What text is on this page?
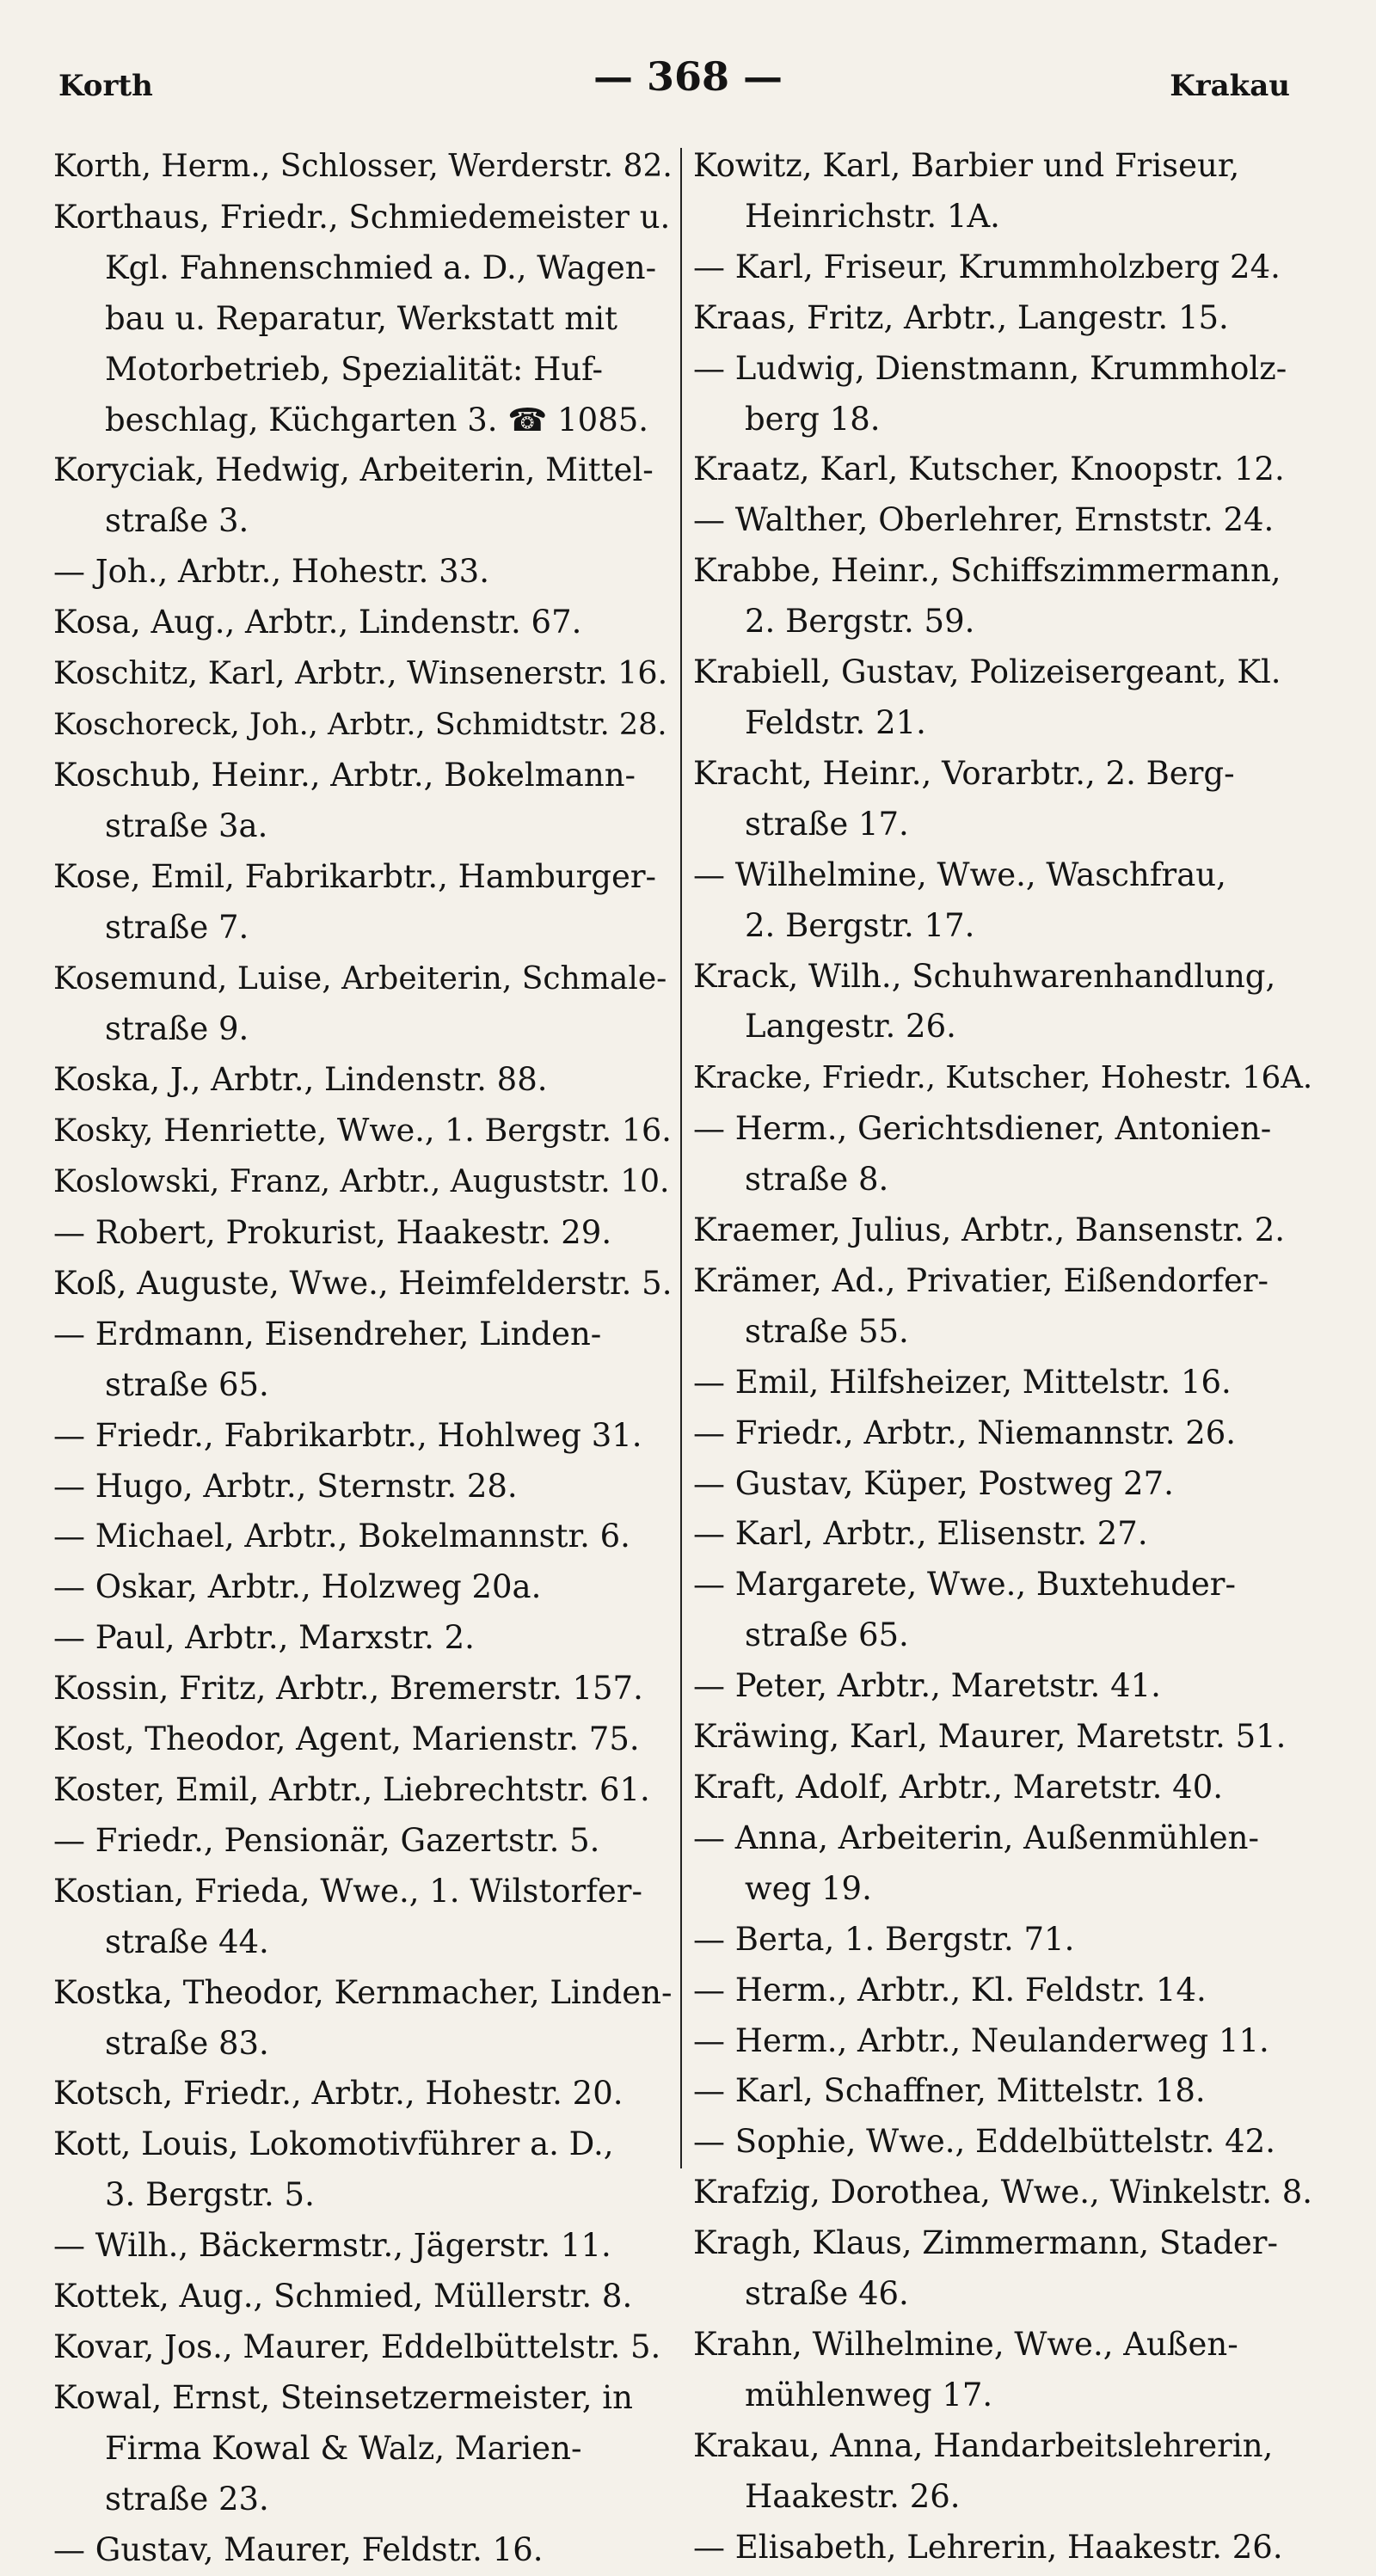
Korth	— 368 —	Krakau
Korth, Herm., Schlosser, Werderstr. 82.
Korthaus, Friedr., Schmiedemeister u.
Kgl. Fahnenschmied a. D., Wagen-
bau u. Reparatur, Werkstatt mit
Motorbetrieb, Spezialität: Huf-
beschlag, Küchgarten 3. ☎ 1085.
Koryciak, Hedwig, Arbeiterin, Mittel-
straße 3.
— Joh., Arbtr., Hohestr. 33.
Kosa, Aug., Arbtr., Lindenstr. 67.
Koschitz, Karl, Arbtr., Winsenerstr. 16.
Koschoreck, Joh., Arbtr., Schmidtstr. 28.
Koschub, Heinr., Arbtr., Bokelmann-
straße 3a.
Kose, Emil, Fabrikarbtr., Hamburger-
straße 7.
Kosemund, Luise, Arbeiterin, Schmale-
straße 9.
Koska, J., Arbtr., Lindenstr. 88.
Kosky, Henriette, Wwe., 1. Bergstr. 16.
Koslowski, Franz, Arbtr., Auguststr. 10.
— Robert, Prokurist, Haakestr. 29.
Koß, Auguste, Wwe., Heimfelderstr. 5.
— Erdmann, Eisendreher, Linden-
straße 65.
— Friedr., Fabrikarbtr., Hohlweg 31.
— Hugo, Arbtr., Sternstr. 28.
— Michael, Arbtr., Bokelmannstr. 6.
— Oskar, Arbtr., Holzweg 20a.
— Paul, Arbtr., Marxstr. 2.
Kossin, Fritz, Arbtr., Bremerstr. 157.
Kost, Theodor, Agent, Marienstr. 75.
Koster, Emil, Arbtr., Liebrechtstr. 61.
— Friedr., Pensionär, Gazertstr. 5.
Kostian, Frieda, Wwe., 1. Wilstorfer-
straße 44.
Kostka, Theodor, Kernmacher, Linden-
straße 83.
Kotsch, Friedr., Arbtr., Hohestr. 20.
Kott, Louis, Lokomotivführer a. D.,
3. Bergstr. 5.
— Wilh., Bäckermstr., Jägerstr. 11.
Kottek, Aug., Schmied, Müllerstr. 8.
Kovar, Jos., Maurer, Eddelbüttelstr. 5.
Kowal, Ernst, Steinsetzermeister, in
Firma Kowal & Walz, Marien-
straße 23.
— Gustav, Maurer, Feldstr. 16.
Kowitz, Karl, Barbier und Friseur,
Heinrichstr. 1A.
— Karl, Friseur, Krummholzberg 24.
Kraas, Fritz, Arbtr., Langestr. 15.
— Ludwig, Dienstmann, Krummholz-
berg 18.
Kraatz, Karl, Kutscher, Knoopstr. 12.
— Walther, Oberlehrer, Ernststr. 24.
Krabbe, Heinr., Schiffszimmermann,
2. Bergstr. 59.
Krabiell, Gustav, Polizeisergeant, Kl.
Feldstr. 21.
Kracht, Heinr., Vorarbtr., 2. Berg-
straße 17.
— Wilhelmine, Wwe., Waschfrau,
2. Bergstr. 17.
Krack, Wilh., Schuhwarenhandlung,
Langestr. 26.
Kracke, Friedr., Kutscher, Hohestr. 16A.
— Herm., Gerichtsdiener, Antonien-
straße 8.
Kraemer, Julius, Arbtr., Bansenstr. 2.
Krämer, Ad., Privatier, Eißendorfer-
straße 55.
— Emil, Hilfsheizer, Mittelstr. 16.
— Friedr., Arbtr., Niemannstr. 26.
— Gustav, Küper, Postweg 27.
— Karl, Arbtr., Elisenstr. 27.
— Margarete, Wwe., Buxtehuder-
straße 65.
— Peter, Arbtr., Maretstr. 41.
Kräwing, Karl, Maurer, Maretstr. 51.
Kraft, Adolf, Arbtr., Maretstr. 40.
— Anna, Arbeiterin, Außenmühlen-
weg 19.
— Berta, 1. Bergstr. 71.
— Herm., Arbtr., Kl. Feldstr. 14.
— Herm., Arbtr., Neulanderweg 11.
— Karl, Schaffner, Mittelstr. 18.
— Sophie, Wwe., Eddelbüttelstr. 42.
Krafzig, Dorothea, Wwe., Winkelstr. 8.
Kragh, Klaus, Zimmermann, Stader-
straße 46.
Krahn, Wilhelmine, Wwe., Außen-
mühlenweg 17.
Krakau, Anna, Handarbeitslehrerin,
Haakestr. 26.
— Elisabeth, Lehrerin, Haakestr. 26.
